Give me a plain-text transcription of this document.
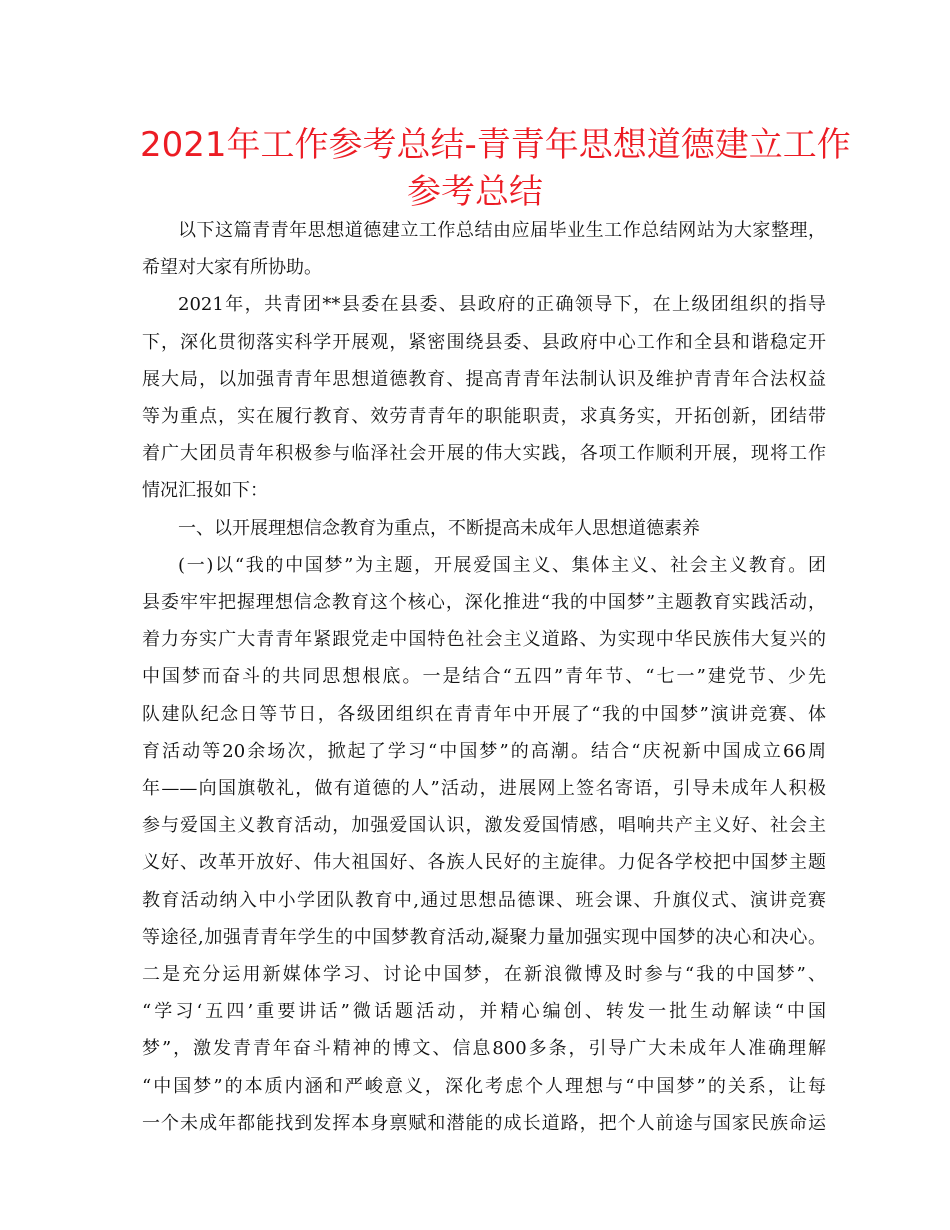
2021年工作参考总结-青青年思想道德建立工作
参考总结
以下这篇青青年思想道德建立工作总结由应届毕业生工作总结网站为大家整理，
希望对大家有所协助。
2021年，共青团**县委在县委、县政府的正确领导下，在上级团组织的指导
下，深化贯彻落实科学开展观，紧密围绕县委、县政府中心工作和全县和谐稳定开
展大局，以加强青青年思想道德教育、提高青青年法制认识及维护青青年合法权益
等为重点，实在履行教育、效劳青青年的职能职责，求真务实，开拓创新，团结带
着广大团员青年积极参与临泽社会开展的伟大实践，各项工作顺利开展，现将工作
情况汇报如下：
一、以开展理想信念教育为重点，不断提高未成年人思想道德素养
(一)以“我的中国梦”为主题，开展爱国主义、集体主义、社会主义教育。团
县委牢牢把握理想信念教育这个核心，深化推进“我的中国梦”主题教育实践活动，
着力夯实广大青青年紧跟党走中国特色社会主义道路、为实现中华民族伟大复兴的
中国梦而奋斗的共同思想根底。一是结合“五四”青年节、“七一”建党节、少先
队建队纪念日等节日，各级团组织在青青年中开展了“我的中国梦”演讲竞赛、体
育活动等20余场次，掀起了学习“中国梦”的高潮。结合“庆祝新中国成立66周
年——向国旗敬礼，做有道德的人”活动，进展网上签名寄语，引导未成年人积极
参与爱国主义教育活动，加强爱国认识，激发爱国情感，唱响共产主义好、社会主
义好、改革开放好、伟大祖国好、各族人民好的主旋律。力促各学校把中国梦主题
教育活动纳入中小学团队教育中,通过思想品德课、班会课、升旗仪式、演讲竞赛
等途径,加强青青年学生的中国梦教育活动,凝聚力量加强实现中国梦的决心和决心。
二是充分运用新媒体学习、讨论中国梦，在新浪微博及时参与“我的中国梦”、
“学习‘五四’重要讲话”微话题活动，并精心编创、转发一批生动解读“中国
梦”，激发青青年奋斗精神的博文、信息800多条，引导广大未成年人准确理解
“中国梦”的本质内涵和严峻意义，深化考虑个人理想与“中国梦”的关系，让每
一个未成年都能找到发挥本身禀赋和潜能的成长道路，把个人前途与国家民族命运
